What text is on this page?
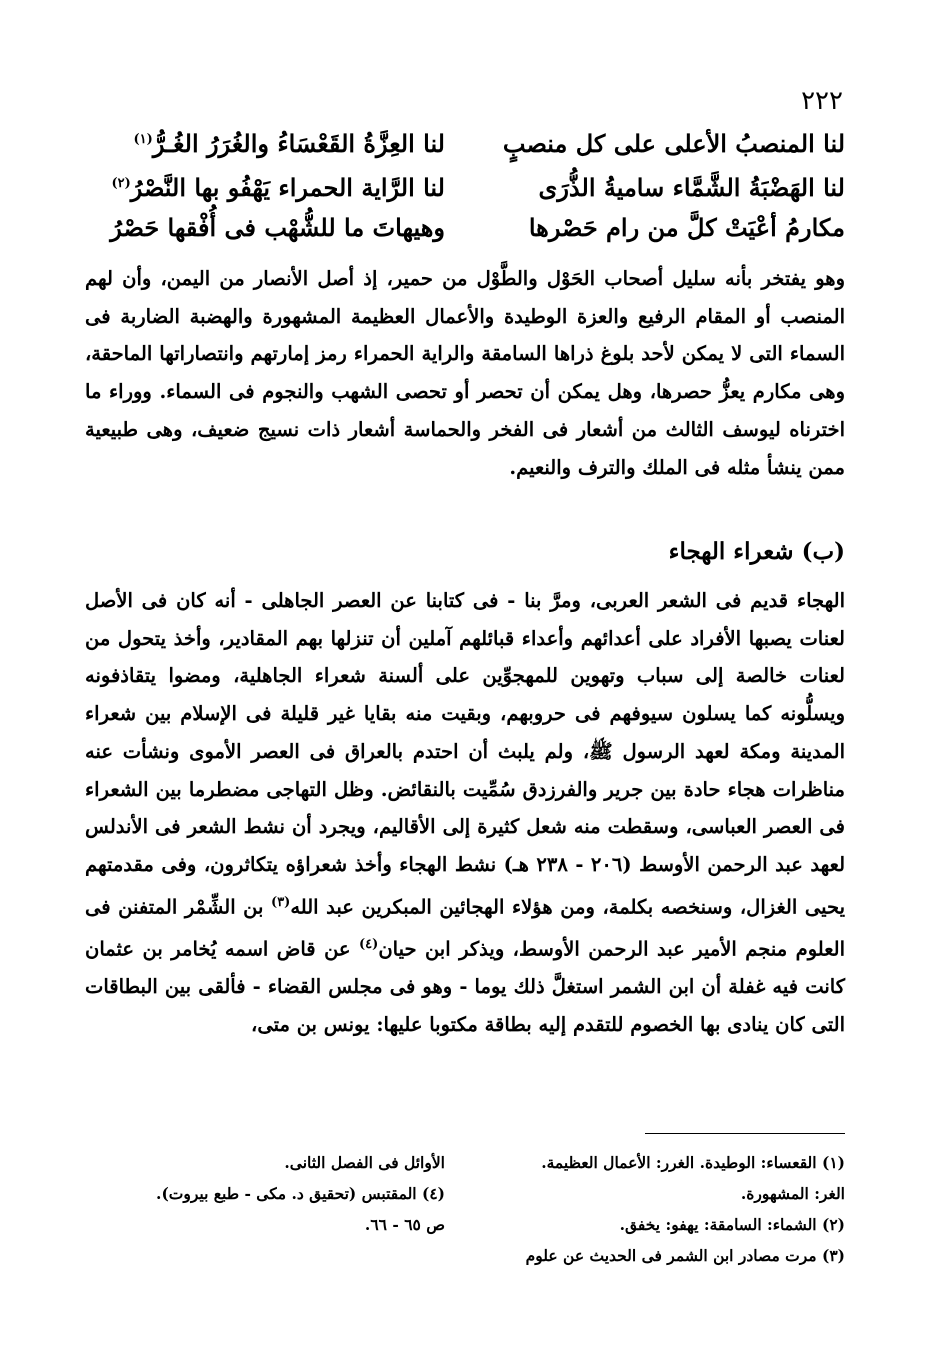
٢٢٢
لنا المنصبُ الأعلى على كل منصبٍ
لنا العِزَّةُ القَعْسَاءُ والغُرَرُ الغُـرُّ$^{(١)}$
لنا الهَضْبَةُ الشَّمَّاء ساميةُ الذُّرَى
لنا الرَّاية الحمراء يَهْفُو بها النَّصْرُ$^{(٢)}$
مكارمُ أعْيَتْ كلَّ من رام حَصْرها
وهيهاتَ ما للشُّهْب فى أُفْقها حَصْرُ

وهو يفتخر بأنه سليل أصحاب الحَوْل والطَّوْل من حمير، إذ أصل الأنصار من اليمن، وأن لهم المنصب أو المقام الرفيع والعزة الوطيدة والأعمال العظيمة المشهورة والهضبة الضاربة فى السماء التى لا يمكن لأحد بلوغ ذراها السامقة والراية الحمراء رمز إمارتهم وانتصاراتها الماحقة، وهى مكارم يعزُّ حصرها، وهل يمكن أن تحصر أو تحصى الشهب والنجوم فى السماء. ووراء ما اخترناه ليوسف الثالث من أشعار فى الفخر والحماسة أشعار ذات نسيج ضعيف، وهى طبيعية ممن ينشأ مثله فى الملك والترف والنعيم.

(ب) شعراء الهجاء

الهجاء قديم فى الشعر العربى، ومرَّ بنا - فى كتابنا عن العصر الجاهلى - أنه كان فى الأصل لعنات يصبها الأفراد على أعدائهم وأعداء قبائلهم آملين أن تنزلها بهم المقادير، وأخذ يتحول من لعنات خالصة إلى سباب وتهوين للمهجوِّين على ألسنة شعراء الجاهلية، ومضوا يتقاذفونه ويسلُّونه كما يسلون سيوفهم فى حروبهم، وبقيت منه بقايا غير قليلة فى الإسلام بين شعراء المدينة ومكة لعهد الرسول ﷺ، ولم يلبث أن احتدم بالعراق فى العصر الأموى ونشأت عنه مناظرات هجاء حادة بين جرير والفرزدق سُمِّيت بالنقائض. وظل التهاجى مضطرما بين الشعراء فى العصر العباسى، وسقطت منه شعل كثيرة إلى الأقاليم، ويجرد أن نشط الشعر فى الأندلس لعهد عبد الرحمن الأوسط (٢٠٦ - ٢٣٨ هـ) نشط الهجاء وأخذ شعراؤه يتكاثرون، وفى مقدمتهم يحيى الغزال، وسنخصه بكلمة، ومن هؤلاء الهجائين المبكرين عبد الله$^{(٣)}$ بن الشِّمْر المتفنن فى العلوم منجم الأمير عبد الرحمن الأوسط، ويذكر ابن حيان$^{(٤)}$ عن قاض اسمه يُخامر بن عثمان كانت فيه غفلة أن ابن الشمر استغلَّ ذلك يوما - وهو فى مجلس القضاء - فألقى بين البطاقات التى كان ينادى بها الخصوم للتقدم إليه بطاقة مكتوبا عليها: يونس بن متى،

(١) القعساء: الوطيدة. الغرر: الأعمال العظيمة.
الغر: المشهورة.
(٢) الشماء: السامقة: يهفو: يخفق.
(٣) مرت مصادر ابن الشمر فى الحديث عن علوم
الأوائل فى الفصل الثانى.
(٤) المقتبس (تحقيق د. مكى - طبع بيروت).
ص ٦٥ - ٦٦.
